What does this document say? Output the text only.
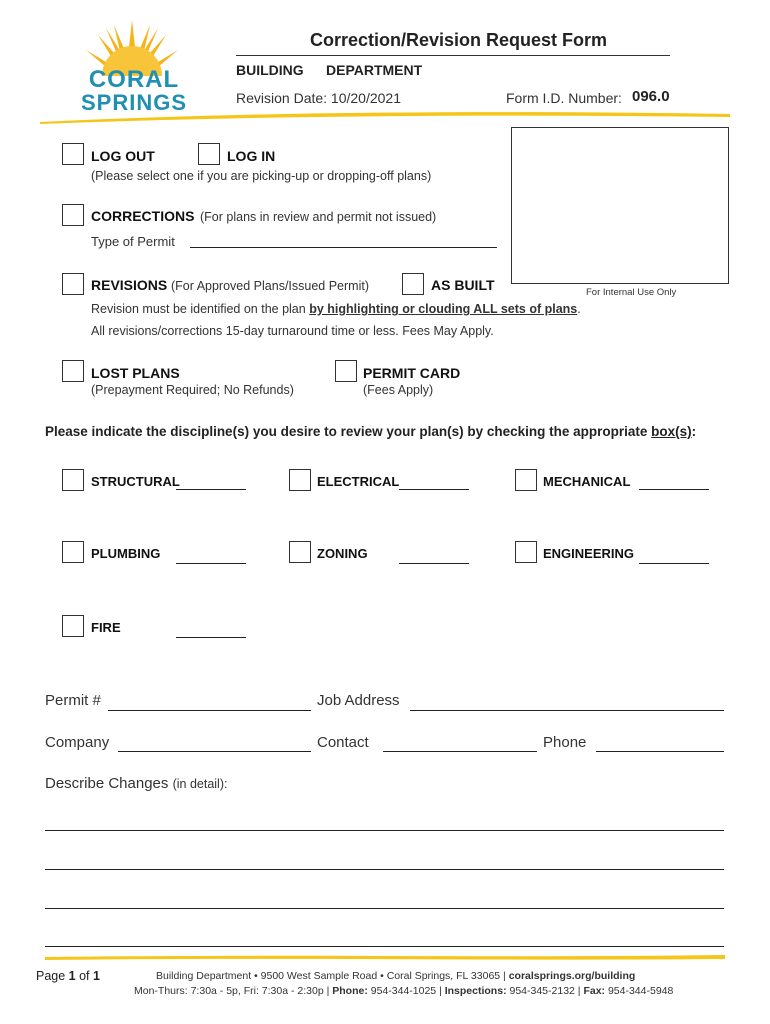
CORAL
SPRINGS
Correction/Revision Request Form
BUILDING DEPARTMENT
Revision Date: 10/20/2021	Form I.D. Number: 096.0
For Internal Use Only
LOG OUT	LOG IN
(Please select one if you are picking-up or dropping-off plans)
CORRECTIONS (For plans in review and permit not issued)
Type of Permit
REVISIONS (For Approved Plans/Issued Permit)	AS BUILT
Revision must be identified on the plan by highlighting or clouding ALL sets of plans.
All revisions/corrections 15-day turnaround time or less. Fees May Apply.
LOST PLANS
(Prepayment Required; No Refunds)
PERMIT CARD
(Fees Apply)
Please indicate the discipline(s) you desire to review your plan(s) by checking the appropriate box(s):
STRUCTURAL	ELECTRICAL	MECHANICAL
PLUMBING	ZONING	ENGINEERING
FIRE
Permit #	Job Address
Company	Contact	Phone
Describe Changes (in detail):
Page 1 of 1	Building Department • 9500 West Sample Road • Coral Springs, FL 33065 | coralsprings.org/building
Mon-Thurs: 7:30a - 5p, Fri: 7:30a - 2:30p | Phone: 954-344-1025 | Inspections: 954-345-2132 | Fax: 954-344-5948
